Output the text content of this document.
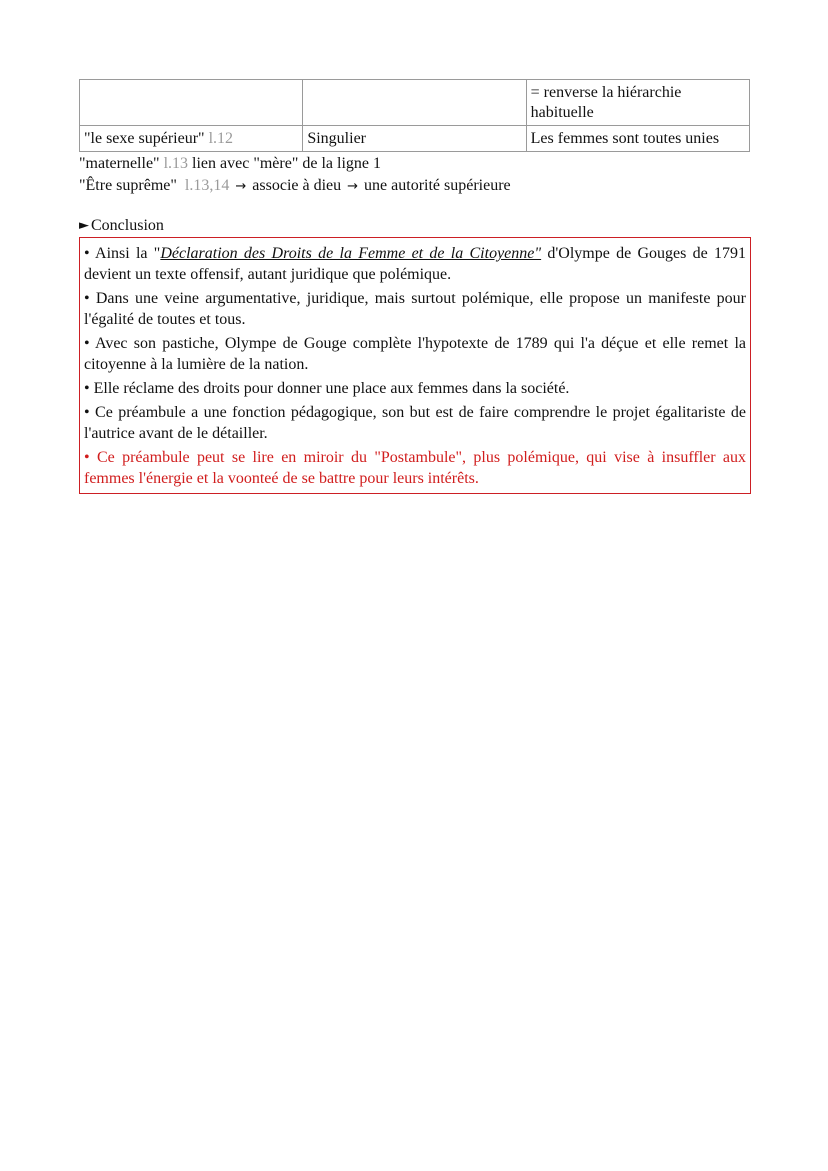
		= renverse la hiérarchie habituelle
"le sexe supérieur" l.12	Singulier	Les femmes sont toutes unies
"maternelle" l.13 lien avec "mère" de la ligne 1
"Être suprême" l.13,14 → associe à dieu → une autorité supérieure
► Conclusion

• Ainsi la "Déclaration des Droits de la Femme et de la Citoyenne" d'Olympe de Gouges de 1791 devient un texte offensif, autant juridique que polémique.

• Dans une veine argumentative, juridique, mais surtout polémique, elle propose un manifeste pour l'égalité de toutes et tous.

• Avec son pastiche, Olympe de Gouge complète l'hypotexte de 1789 qui l'a déçue et elle remet la citoyenne à la lumière de la nation.

• Elle réclame des droits pour donner une place aux femmes dans la société.

• Ce préambule a une fonction pédagogique, son but est de faire comprendre le projet égalitariste de l'autrice avant de le détailler.

• Ce préambule peut se lire en miroir du "Postambule", plus polémique, qui vise à insuffler aux femmes l'énergie et la voonteé de se battre pour leurs intérêts.
